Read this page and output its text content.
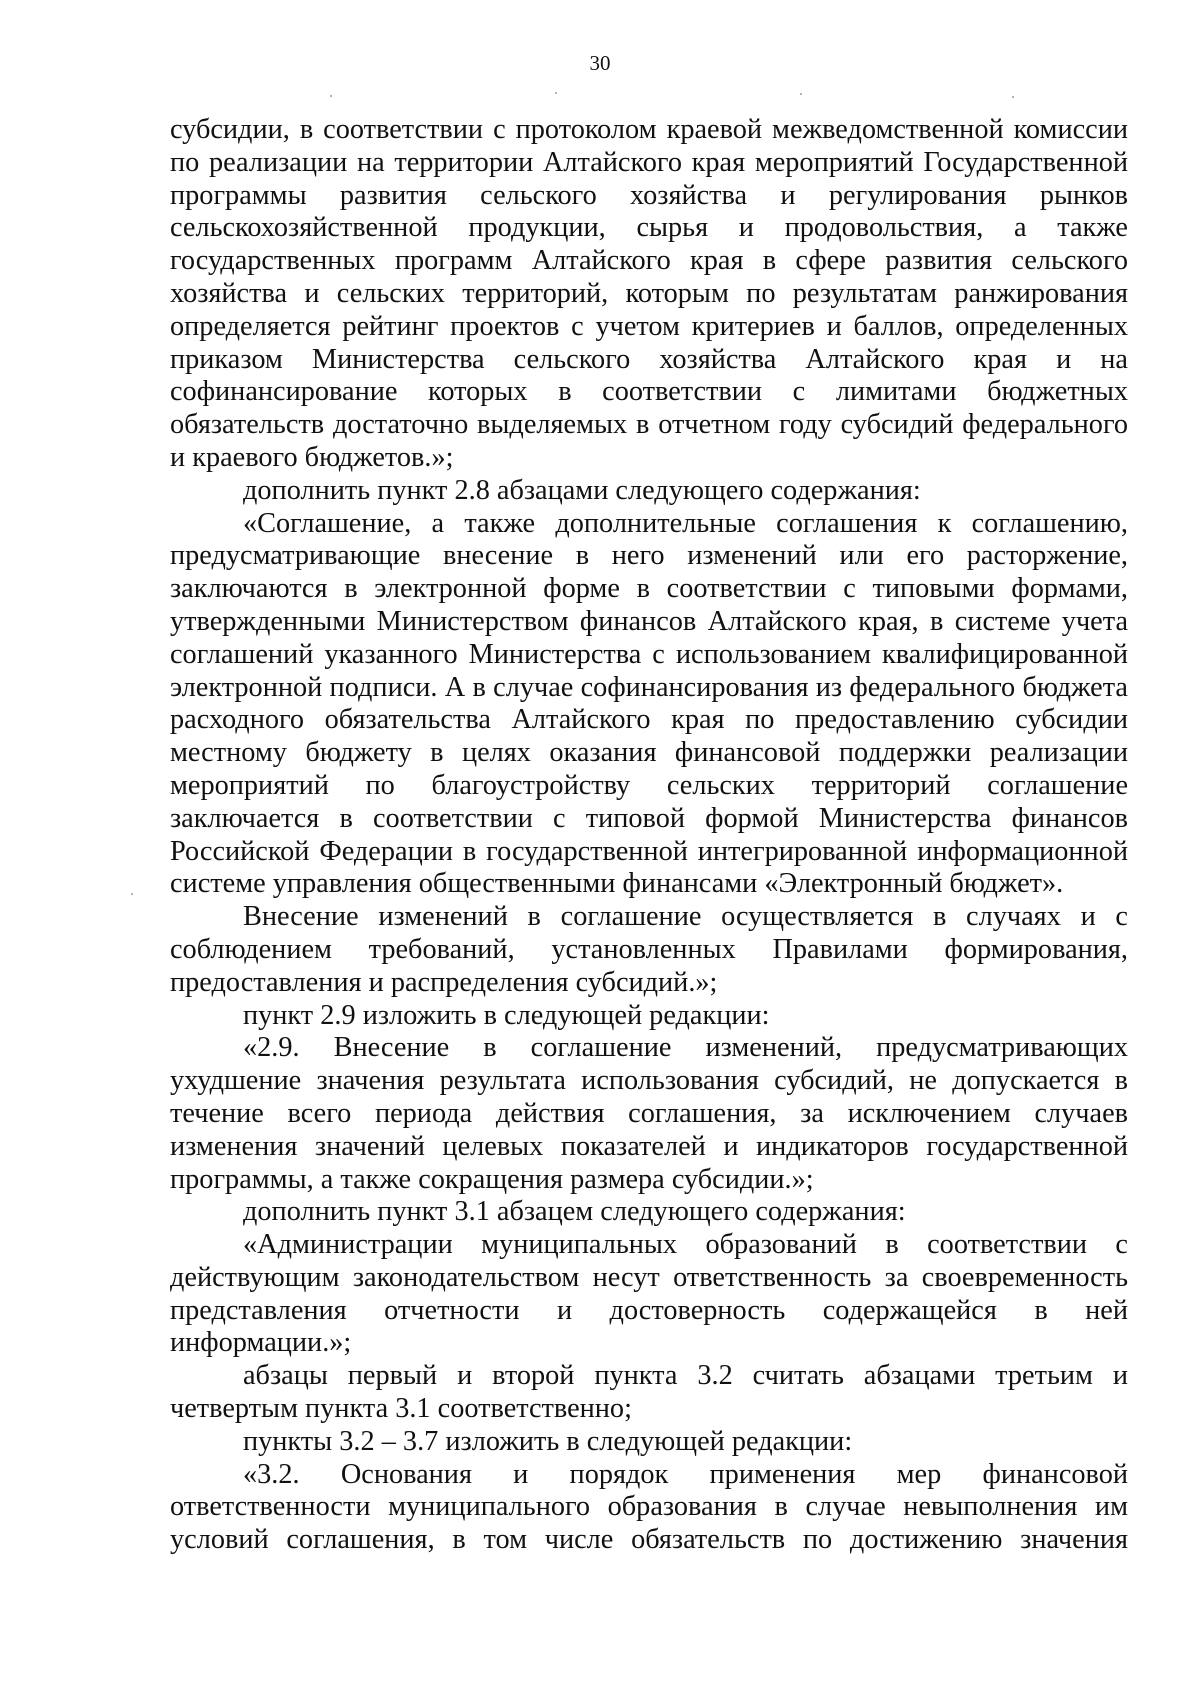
30

субсидии, в соответствии с протоколом краевой межведомственной комиссии по реализации на территории Алтайского края мероприятий Государственной программы развития сельского хозяйства и регулирования рынков сельскохозяйственной продукции, сырья и продовольствия, а также государственных программ Алтайского края в сфере развития сельского хозяйства и сельских территорий, которым по результатам ранжирования определяется рейтинг проектов с учетом критериев и баллов, определенных приказом Министерства сельского хозяйства Алтайского края и на софинансирование которых в соответствии с лимитами бюджетных обязательств достаточно выделяемых в отчетном году субсидий федерального и краевого бюджетов.»;

дополнить пункт 2.8 абзацами следующего содержания:

«Соглашение, а также дополнительные соглашения к соглашению, предусматривающие внесение в него изменений или его расторжение, заключаются в электронной форме в соответствии с типовыми формами, утвержденными Министерством финансов Алтайского края, в системе учета соглашений указанного Министерства с использованием квалифицированной электронной подписи. А в случае софинансирования из федерального бюджета расходного обязательства Алтайского края по предоставлению субсидии местному бюджету в целях оказания финансовой поддержки реализации мероприятий по благоустройству сельских территорий соглашение заключается в соответствии с типовой формой Министерства финансов Российской Федерации в государственной интегрированной информационной системе управления общественными финансами «Электронный бюджет».

Внесение изменений в соглашение осуществляется в случаях и с соблюдением требований, установленных Правилами формирования, предоставления и распределения субсидий.»;

пункт 2.9 изложить в следующей редакции:

«2.9. Внесение в соглашение изменений, предусматривающих ухудшение значения результата использования субсидий, не допускается в течение всего периода действия соглашения, за исключением случаев изменения значений целевых показателей и индикаторов государственной программы, а также сокращения размера субсидии.»;

дополнить пункт 3.1 абзацем следующего содержания:

«Администрации муниципальных образований в соответствии с действующим законодательством несут ответственность за своевременность представления отчетности и достоверность содержащейся в ней информации.»;

абзацы первый и второй пункта 3.2 считать абзацами третьим и четвертым пункта 3.1 соответственно;

пункты 3.2 – 3.7 изложить в следующей редакции:

«3.2. Основания и порядок применения мер финансовой ответственности муниципального образования в случае невыполнения им условий соглашения, в том числе обязательств по достижению значения
